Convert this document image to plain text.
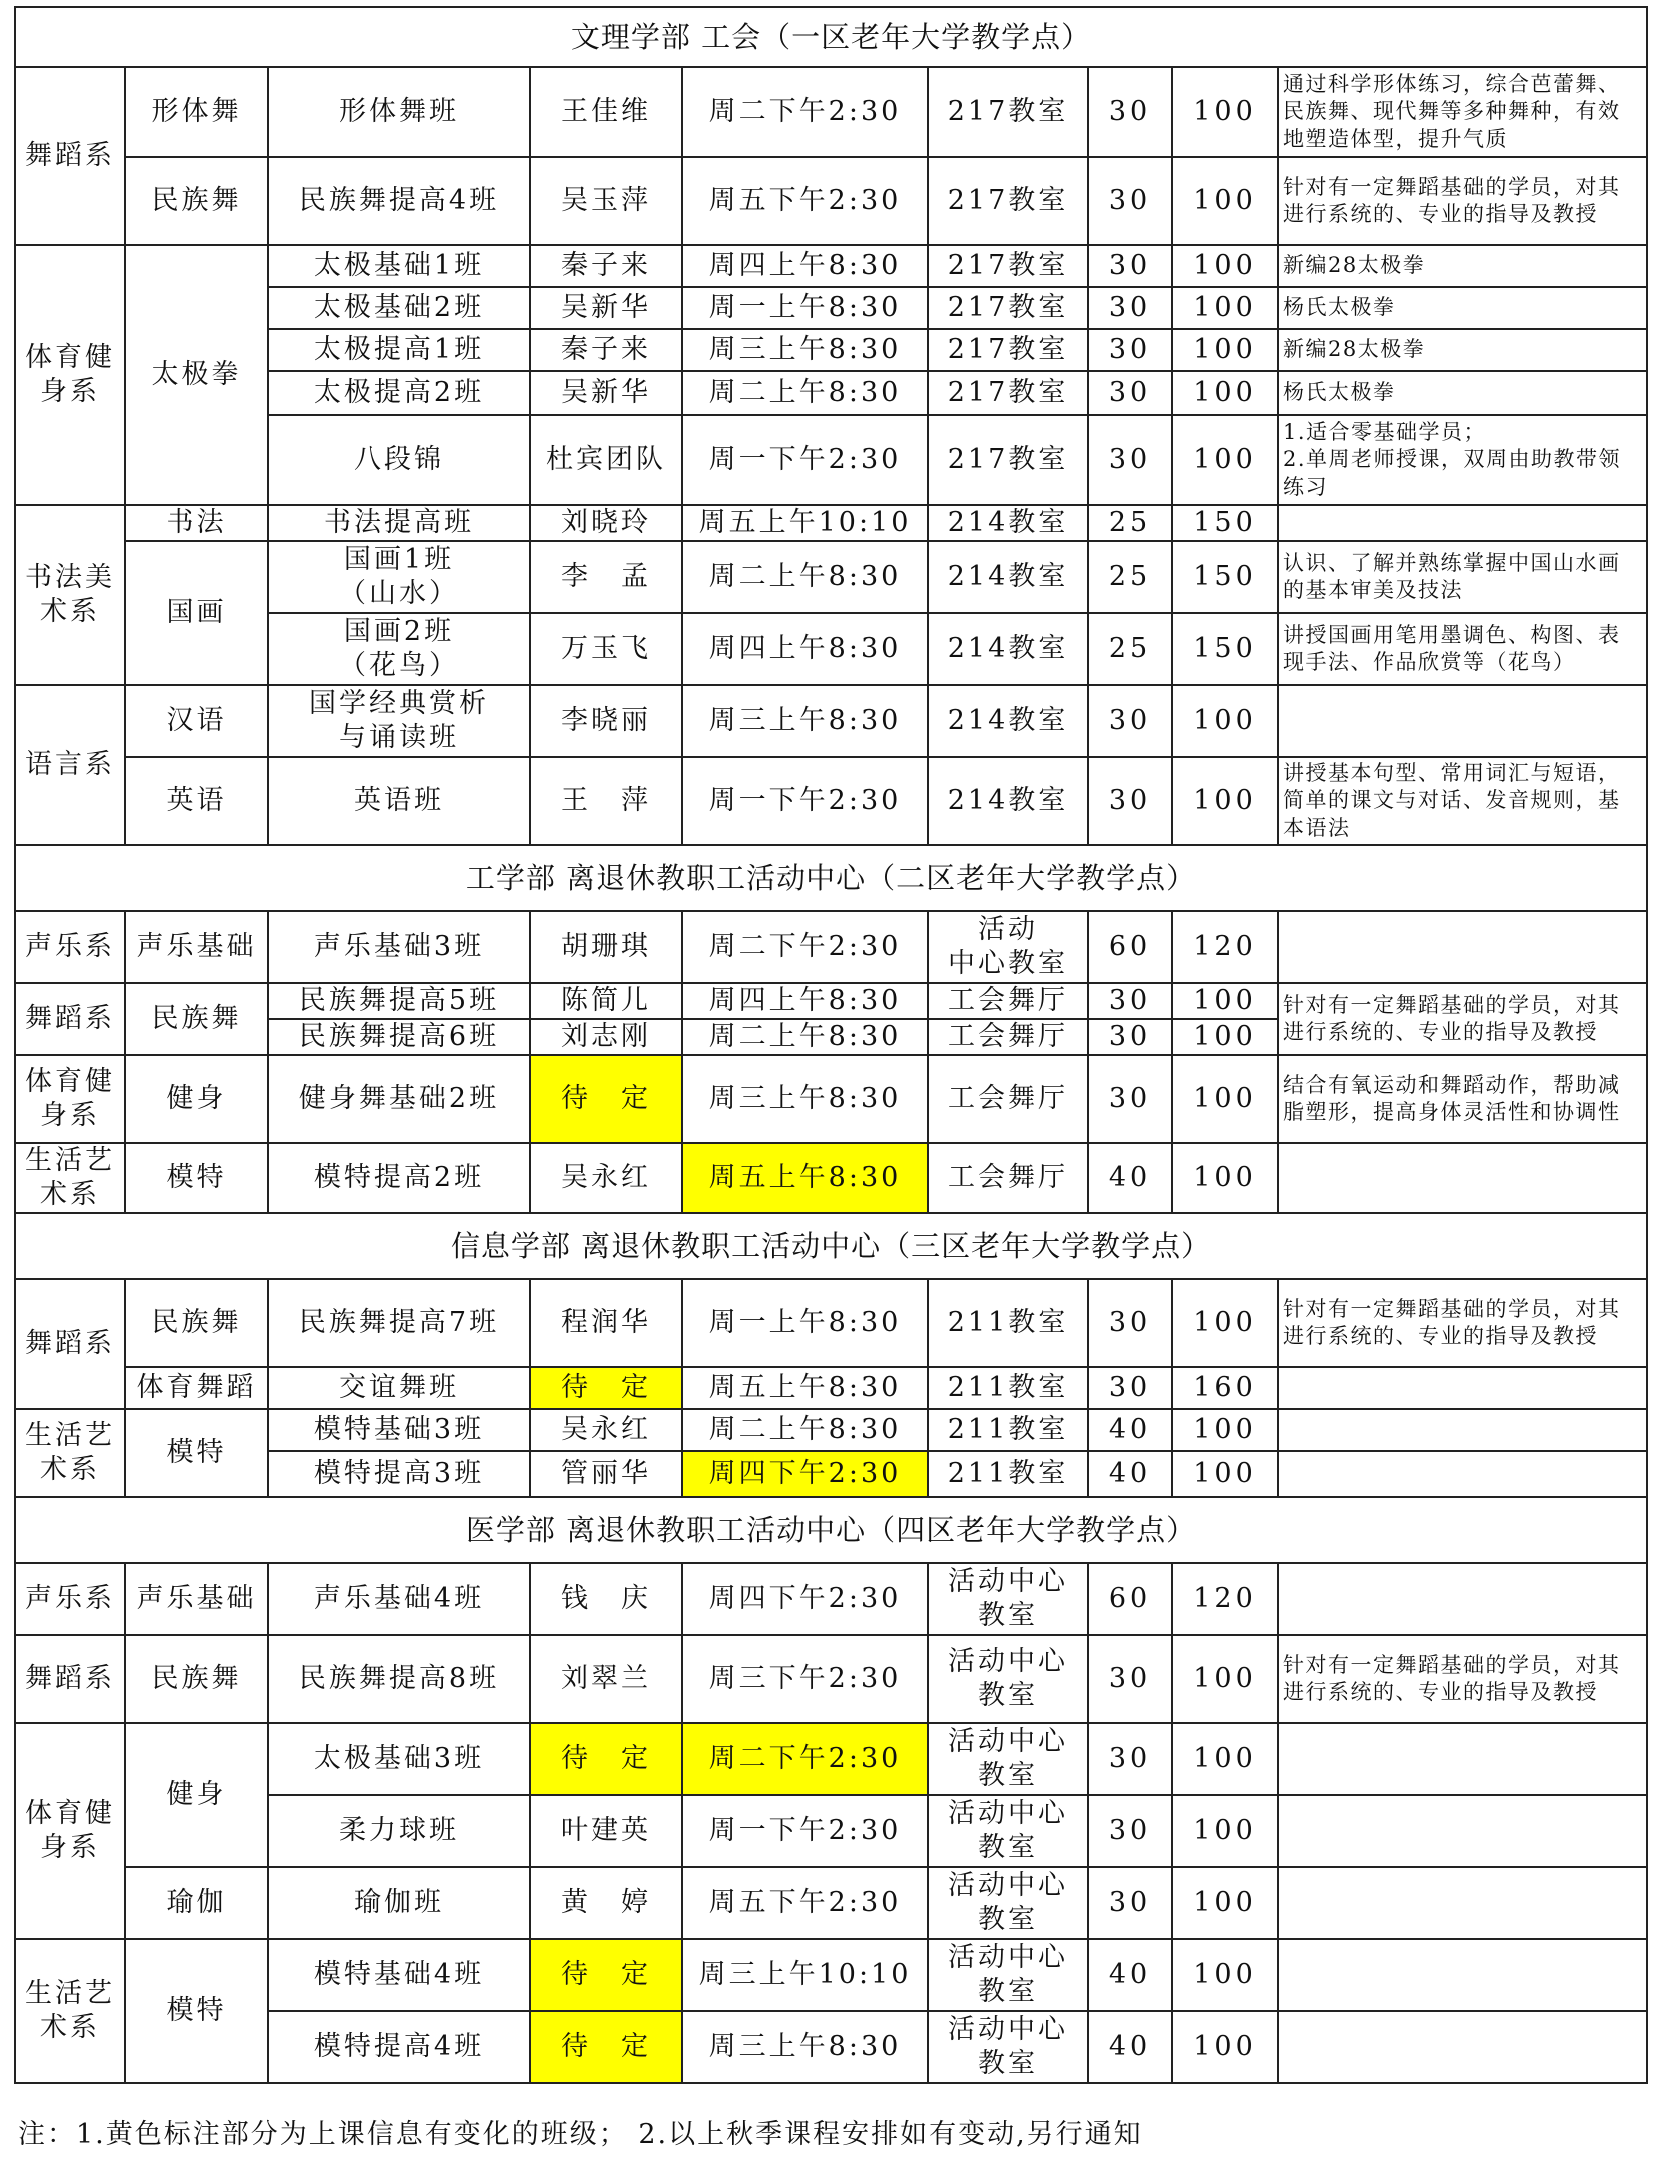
文理学部 工会（一区老年大学教学点）								
舞蹈系	形体舞	形体舞班	王佳维	周二下午2:30	217教室	30	100	通过科学形体练习，综合芭蕾舞、民族舞、现代舞等多种舞种，有效地塑造体型，提升气质
	民族舞	民族舞提高4班	吴玉萍	周五下午2:30	217教室	30	100	针对有一定舞蹈基础的学员，对其进行系统的、专业的指导及教授
体育健身系	太极拳	太极基础1班	秦子来	周四上午8:30	217教室	30	100	新编28太极拳
		太极基础2班	吴新华	周一上午8:30	217教室	30	100	杨氏太极拳
		太极提高1班	秦子来	周三上午8:30	217教室	30	100	新编28太极拳
		太极提高2班	吴新华	周二上午8:30	217教室	30	100	杨氏太极拳
		八段锦	杜宾团队	周一下午2:30	217教室	30	100	1.适合零基础学员；
2.单周老师授课，双周由助教带领练习
书法美术系	书法	书法提高班	刘晓玲	周五上午10:10	214教室	25	150	
	国画	国画1班
（山水）	李　孟	周二上午8:30	214教室	25	150	认识、了解并熟练掌握中国山水画的基本审美及技法
		国画2班
（花鸟）	万玉飞	周四上午8:30	214教室	25	150	讲授国画用笔用墨调色、构图、表现手法、作品欣赏等（花鸟）
语言系	汉语	国学经典赏析
与诵读班	李晓丽	周三上午8:30	214教室	30	100	
	英语	英语班	王　萍	周一下午2:30	214教室	30	100	讲授基本句型、常用词汇与短语，简单的课文与对话、发音规则，基本语法
工学部 离退休教职工活动中心（二区老年大学教学点）								
声乐系	声乐基础	声乐基础3班	胡珊琪	周二下午2:30	活动
中心教室	60	120	
舞蹈系	民族舞	民族舞提高5班	陈简儿	周四上午8:30	工会舞厅	30	100	针对有一定舞蹈基础的学员，对其进行系统的、专业的指导及教授
		民族舞提高6班	刘志刚	周二上午8:30	工会舞厅	30	100	
体育健身系	健身	健身舞基础2班	待　定	周三上午8:30	工会舞厅	30	100	结合有氧运动和舞蹈动作，帮助减脂塑形，提高身体灵活性和协调性
生活艺术系	模特	模特提高2班	吴永红	周五上午8:30	工会舞厅	40	100	
信息学部 离退休教职工活动中心（三区老年大学教学点）								
舞蹈系	民族舞	民族舞提高7班	程润华	周一上午8:30	211教室	30	100	针对有一定舞蹈基础的学员，对其进行系统的、专业的指导及教授
	体育舞蹈	交谊舞班	待　定	周五上午8:30	211教室	30	160	
生活艺术系	模特	模特基础3班	吴永红	周二上午8:30	211教室	40	100	
		模特提高3班	管丽华	周四下午2:30	211教室	40	100	
医学部 离退休教职工活动中心（四区老年大学教学点）								
声乐系	声乐基础	声乐基础4班	钱　庆	周四下午2:30	活动中心
教室	60	120	
舞蹈系	民族舞	民族舞提高8班	刘翠兰	周三下午2:30	活动中心
教室	30	100	针对有一定舞蹈基础的学员，对其进行系统的、专业的指导及教授
体育健身系	健身	太极基础3班	待　定	周二下午2:30	活动中心
教室	30	100	
		柔力球班	叶建英	周一下午2:30	活动中心
教室	30	100	
	瑜伽	瑜伽班	黄　婷	周五下午2:30	活动中心
教室	30	100	
生活艺术系	模特	模特基础4班	待　定	周三上午10:10	活动中心
教室	40	100	
		模特提高4班	待　定	周三上午8:30	活动中心
教室	40	100	
注：1.黄色标注部分为上课信息有变化的班级； 2.以上秋季课程安排如有变动,另行通知
